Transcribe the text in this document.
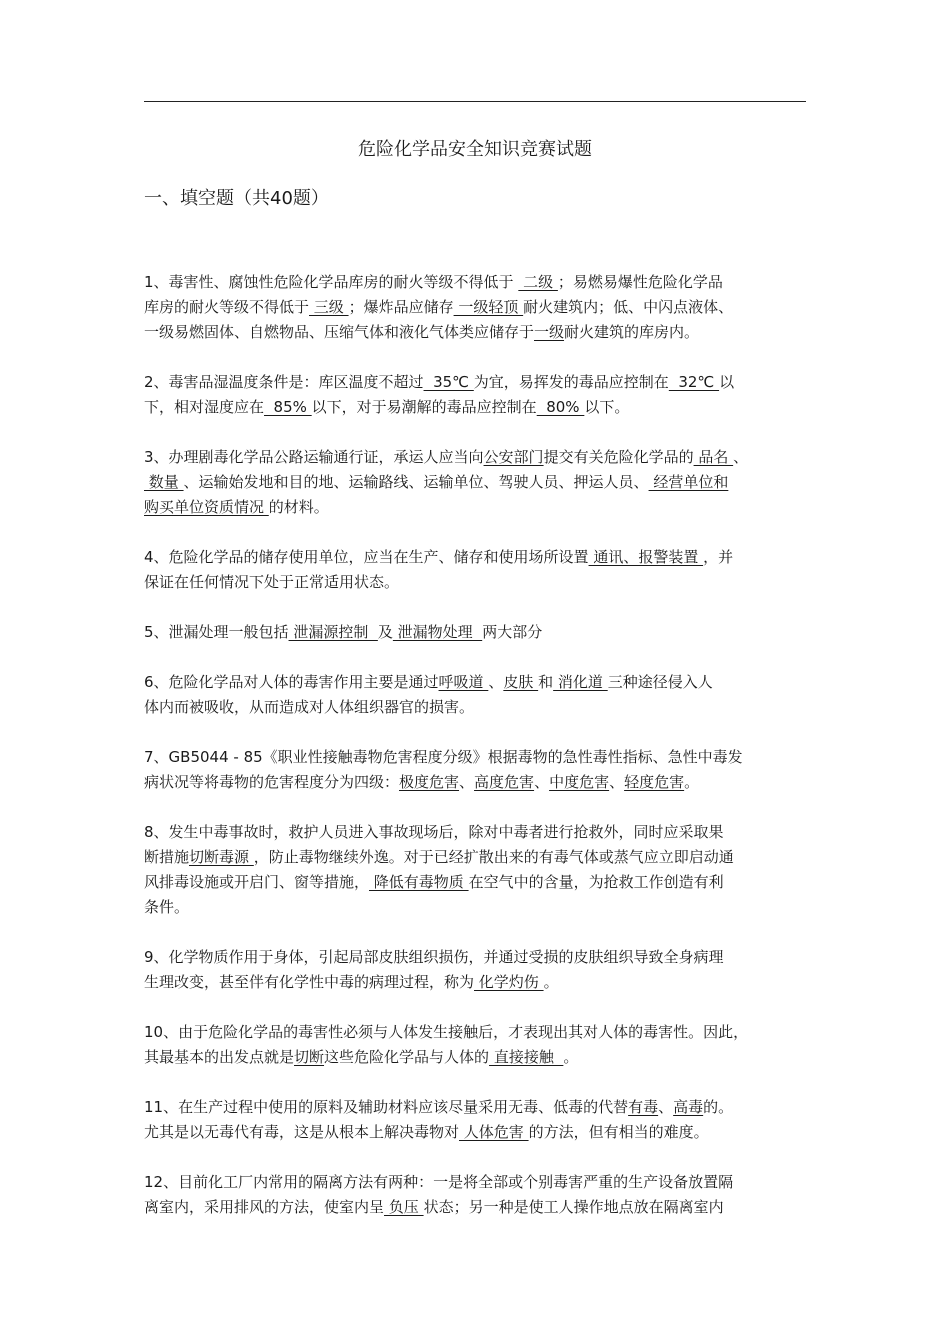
危险化学品安全知识竞赛试题
一、填空题（共40题）

1、毒害性、腐蚀性危险化学品库房的耐火等级不得低于  二级 ；易燃易爆性危险化学品
库房的耐火等级不得低于 三级 ；爆炸品应储存 一级轻顶 耐火建筑内；低、中闪点液体、
一级易燃固体、自燃物品、压缩气体和液化气体类应储存于一级耐火建筑的库房内。

2、毒害品湿温度条件是：库区温度不超过  35℃ 为宜，易挥发的毒品应控制在  32℃ 以
下，相对湿度应在  85% 以下，对于易潮解的毒品应控制在  80% 以下。

3、办理剧毒化学品公路运输通行证，承运人应当向公安部门提交有关危险化学品的 品名 、
数量 、运输始发地和目的地、运输路线、运输单位、驾驶人员、押运人员、 经营单位和
购买单位资质情况 的材料。

4、危险化学品的储存使用单位，应当在生产、储存和使用场所设置 通讯、报警装置 ，并
保证在任何情况下处于正常适用状态。

5、泄漏处理一般包括 泄漏源控制  及 泄漏物处理  两大部分

6、危险化学品对人体的毒害作用主要是通过呼吸道 、皮肤 和 消化道 三种途径侵入人
体内而被吸收，从而造成对人体组织器官的损害。

7、GB5044 - 85《职业性接触毒物危害程度分级》根据毒物的急性毒性指标、急性中毒发
病状况等将毒物的危害程度分为四级：极度危害、高度危害、中度危害、轻度危害。

8、发生中毒事故时，救护人员进入事故现场后，除对中毒者进行抢救外，同时应采取果
断措施切断毒源 ，防止毒物继续外逸。对于已经扩散出来的有毒气体或蒸气应立即启动通
风排毒设施或开启门、窗等措施， 降低有毒物质 在空气中的含量，为抢救工作创造有利
条件。

9、化学物质作用于身体，引起局部皮肤组织损伤，并通过受损的皮肤组织导致全身病理
生理改变，甚至伴有化学性中毒的病理过程，称为 化学灼伤 。

10、由于危险化学品的毒害性必须与人体发生接触后，才表现出其对人体的毒害性。因此，
其最基本的出发点就是切断这些危险化学品与人体的 直接接触  。

11、在生产过程中使用的原料及辅助材料应该尽量采用无毒、低毒的代替有毒、高毒的。
尤其是以无毒代有毒，这是从根本上解决毒物对 人体危害 的方法，但有相当的难度。

12、目前化工厂内常用的隔离方法有两种：一是将全部或个别毒害严重的生产设备放置隔
离室内，采用排风的方法，使室内呈 负压 状态；另一种是使工人操作地点放在隔离室内
